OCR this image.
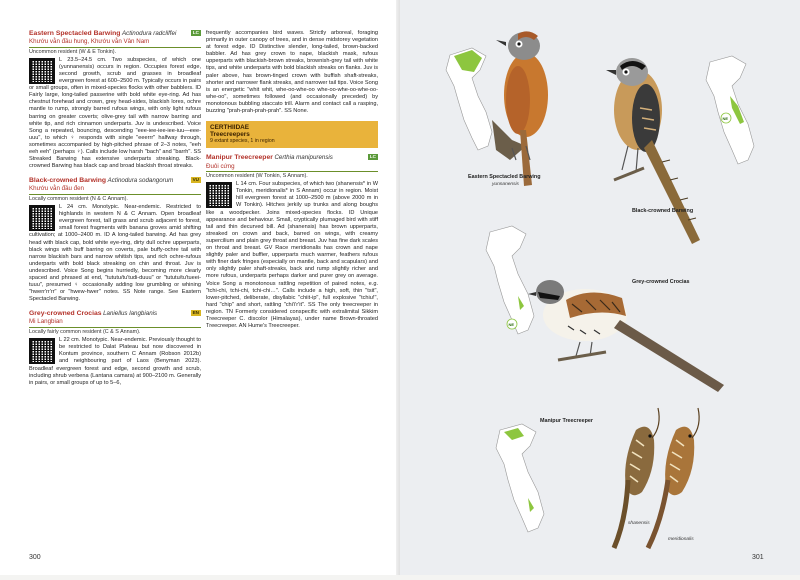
Eastern Spectacled Barwing Actinodura radcliffei
Khướu vằn đầu hung, Khướu vằn Vân Nam
LC
Uncommon resident (W & E Tonkin).
L 23.5–24.5 cm. Two subspecies, of which one (yunnanensis) occurs in region. Occupies forest edge, second growth, scrub and grasses in broadleaf evergreen forest at 600–2500 m. Typically occurs in pairs or small groups, often in mixed-species flocks with other babblers. ID Fairly large, long-tailed passerine with bold white eye-ring. Ad has chestnut forehead and crown, grey head-sides, blackish lores, ochre mantle to rump, strongly barred rufous wings, with only light rufous barring on greater coverts; olive-grey tail with narrow barring and white tip, and rich cinnamon underparts. Juv is undescribed. Voice Song a repeated, bouncing, descending "eee-iee-iee-iee-iuu—eee-uuu", to which ♀ responds with single "eeerrr" halfway through, sometimes accompanied by high-pitched phrase of 2–3 notes, "eeh eeh eeh" (perhaps ♀). Calls include low harsh "bach" and "barrh". SS Streaked Barwing has extensive underparts streaking. Black-crowned Barwing has black cap and broad blackish throat streaks.
Black-crowned Barwing Actinodura sodangorum
Khướu vằn đầu đen
VU
Locally common resident (N & C Annam).
L 24 cm. Monotypic. Near-endemic. Restricted to highlands in western N & C Annam. Open broadleaf evergreen forest, tall grass and scrub adjacent to forest, small forest fragments with banana groves amid shifting cultivation; at 1000–2400 m. ID A long-tailed barwing. Ad has grey head with black cap, bold white eye-ring, dirty dull ochre upperparts, black wings with buff barring on coverts, pale buffy-ochre tail with narrow blackish bars and narrow whitish tips, and rich ochre-rufous underparts with bold black streaking on chin and throat. Juv is undescribed. Voice Song begins hurriedly, becoming more clearly spaced and phrased at end, "tututu/tu'tudi-duuu" or "tututu/tu'tueei-tuuu", presumed ♀ occasionally adding low grumbling or whining "hwerr'rr'rr" or "hwew-hwer" notes. SS Note range. See Eastern Spectacled Barwing.
Grey-crowned Crocias Laniellus langbianis
Mi Langbian
EN
Locally fairly common resident (C & S Annam).
L 22 cm. Monotypic. Near-endemic. Previously thought to be restricted to Dalat Plateau but now discovered in Kontum province, southern C Annam (Robson 2012b) and neighbouring part of Laos (Benyman 2023). Broadleaf evergreen forest and edge, second growth and scrub, including shrub verbena (Lantana camara) at 900–2100 m. Generally in pairs, or small groups of up to 5–6,
frequently accompanies bird waves. Strictly arboreal, foraging primarily in outer canopy of trees, and in dense midstorey vegetation at forest edge. ID Distinctive slender, long-tailed, brown-backed babbler. Ad has grey crown to nape, blackish mask, rufous upperparts with blackish-brown streaks, brownish-grey tail with white tips, and white underparts with bold blackish streaks on flanks. Juv is paler above, has brown-tinged crown with buffish shaft-streaks, shorter and narrower flank streaks, and narrower tail tips. Voice Song is an energetic "whit whit, whe-oo-whe-oo whe-oo-whe-oo-whe-oo-whe-oo", sometimes followed (and occasionally preceded) by monotonous bubbling staccato trill. Alarm and contact call a rasping, buzzing "prah-prah-prah-prah". SS None.
CERTHIIDAE
Treecreepers
9 extant species, 1 in region
Manipur Treecreeper Certhia manipurensis
Đuôi cứng
LC
Uncommon resident (W Tonkin, S Annam).
L 14 cm. Four subspecies, of which two (shanensis* in W Tonkin, meridionalis* in S Annam) occur in region. Moist hill evergreen forest at 1000–2500 m (above 2000 m in W Tonkin). Hitches jerkily up trunks and along boughs like a woodpecker. Joins mixed-species flocks. ID Unique appearance and behaviour. Small, cryptically plumaged bird with stiff tail and thin decurved bill. Ad (shanensis) has brown upperparts, streaked on crown and back, barred on wings, with creamy supercilium and plain grey throat and breast. Juv has fine dark scales on throat and breast. GV Race meridionalis has crown and nape slightly paler and buffier, upperparts much warmer, feathers rufous with finer dark fringes (especially on mantle, back and scapulars) and only slightly paler shaft-streaks, back and rump slightly richer and more rufous, underparts perhaps darker and purer grey on average. Voice Song a monotonous rattling repetition of paired notes, e.g. "tchi-chi, tchi-chi, tchi-chi…". Calls include a high, soft, thin "tsit", lower-pitched, deliberate, disyllabic "chiit-ip", full explosive "tchiu!", hard "chip" and short, rattling "chi'i'r'it". SS The only treecreeper in region. TN Formerly considered conspecific with extralimital Sikkim Treecreeper C. discolor (Himalayas), under name Brown-throated Treecreeper. AN Hume's Treecreeper.
300
Eastern Spectacled Barwing
yunnanensis
NE
Black-crowned Barwing
NE
Grey-crowned Crocias
Manipur Treecreeper
shanensis
meridionalis
301
